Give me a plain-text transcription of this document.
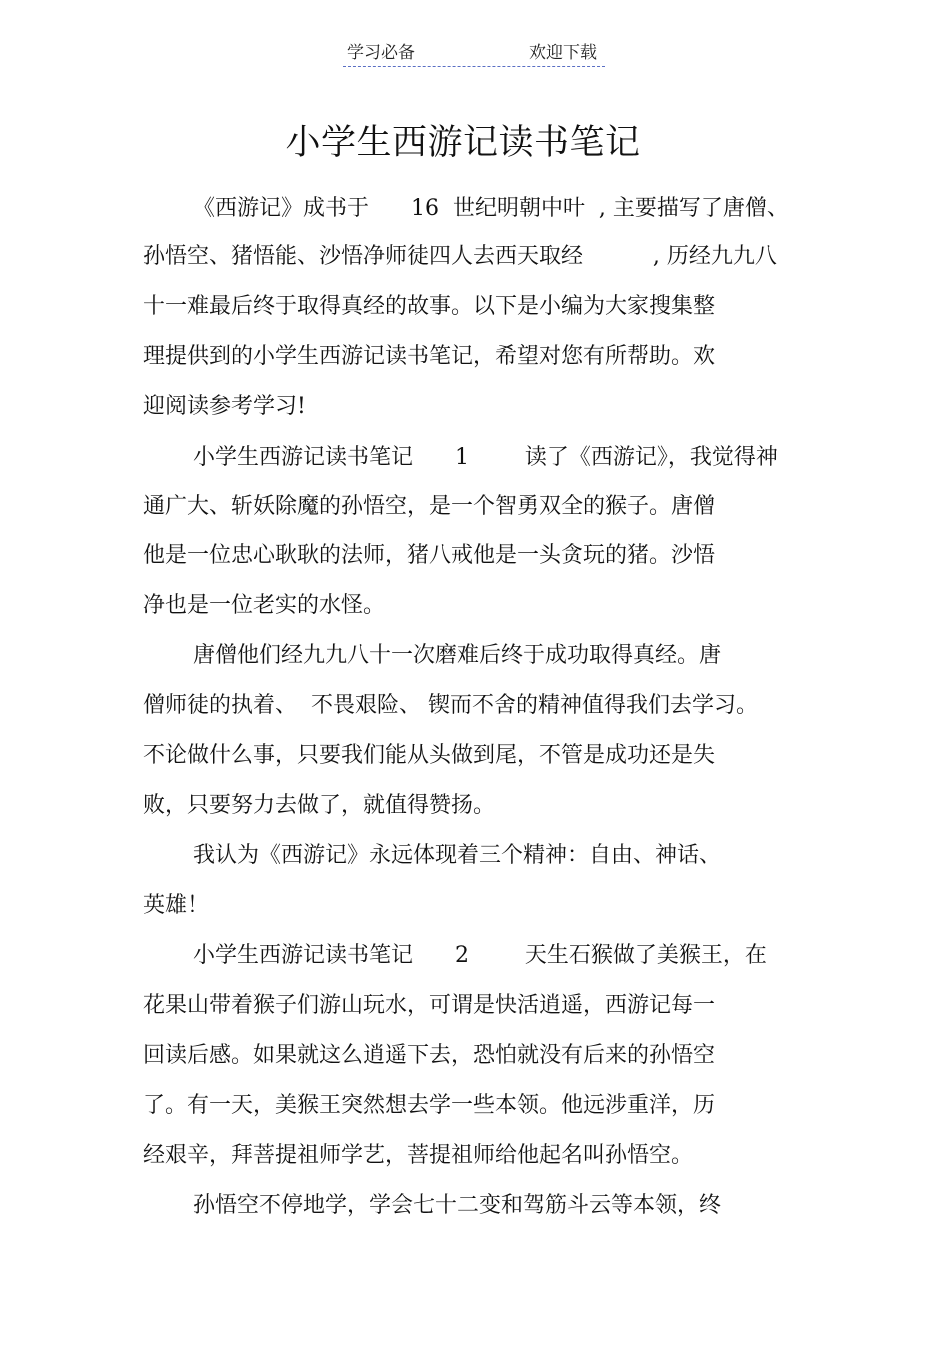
学习必备	欢迎下载
小学生西游记读书笔记
《西游记》成书于      16  世纪明朝中叶  , 主要描写了唐僧、
孙悟空、猪悟能、沙悟净师徒四人去西天取经          , 历经九九八
十一难最后终于取得真经的故事。以下是小编为大家搜集整
理提供到的小学生西游记读书笔记，希望对您有所帮助。欢
迎阅读参考学习!
小学生西游记读书笔记      1        读了《西游记》，我觉得神
通广大、斩妖除魔的孙悟空，是一个智勇双全的猴子。唐僧
他是一位忠心耿耿的法师，猪八戒他是一头贪玩的猪。沙悟
净也是一位老实的水怪。
唐僧他们经九九八十一次磨难后终于成功取得真经。唐
僧师徒的执着、  不畏艰险、 锲而不舍的精神值得我们去学习。
不论做什么事，只要我们能从头做到尾，不管是成功还是失
败，只要努力去做了，就值得赞扬。
我认为《西游记》永远体现着三个精神：自由、神话、
英雄！
小学生西游记读书笔记      2        天生石猴做了美猴王，在
花果山带着猴子们游山玩水，可谓是快活逍遥，西游记每一
回读后感。如果就这么逍遥下去，恐怕就没有后来的孙悟空
了。有一天，美猴王突然想去学一些本领。他远涉重洋，历
经艰辛，拜菩提祖师学艺，菩提祖师给他起名叫孙悟空。
孙悟空不停地学，学会七十二变和驾筋斗云等本领，终
